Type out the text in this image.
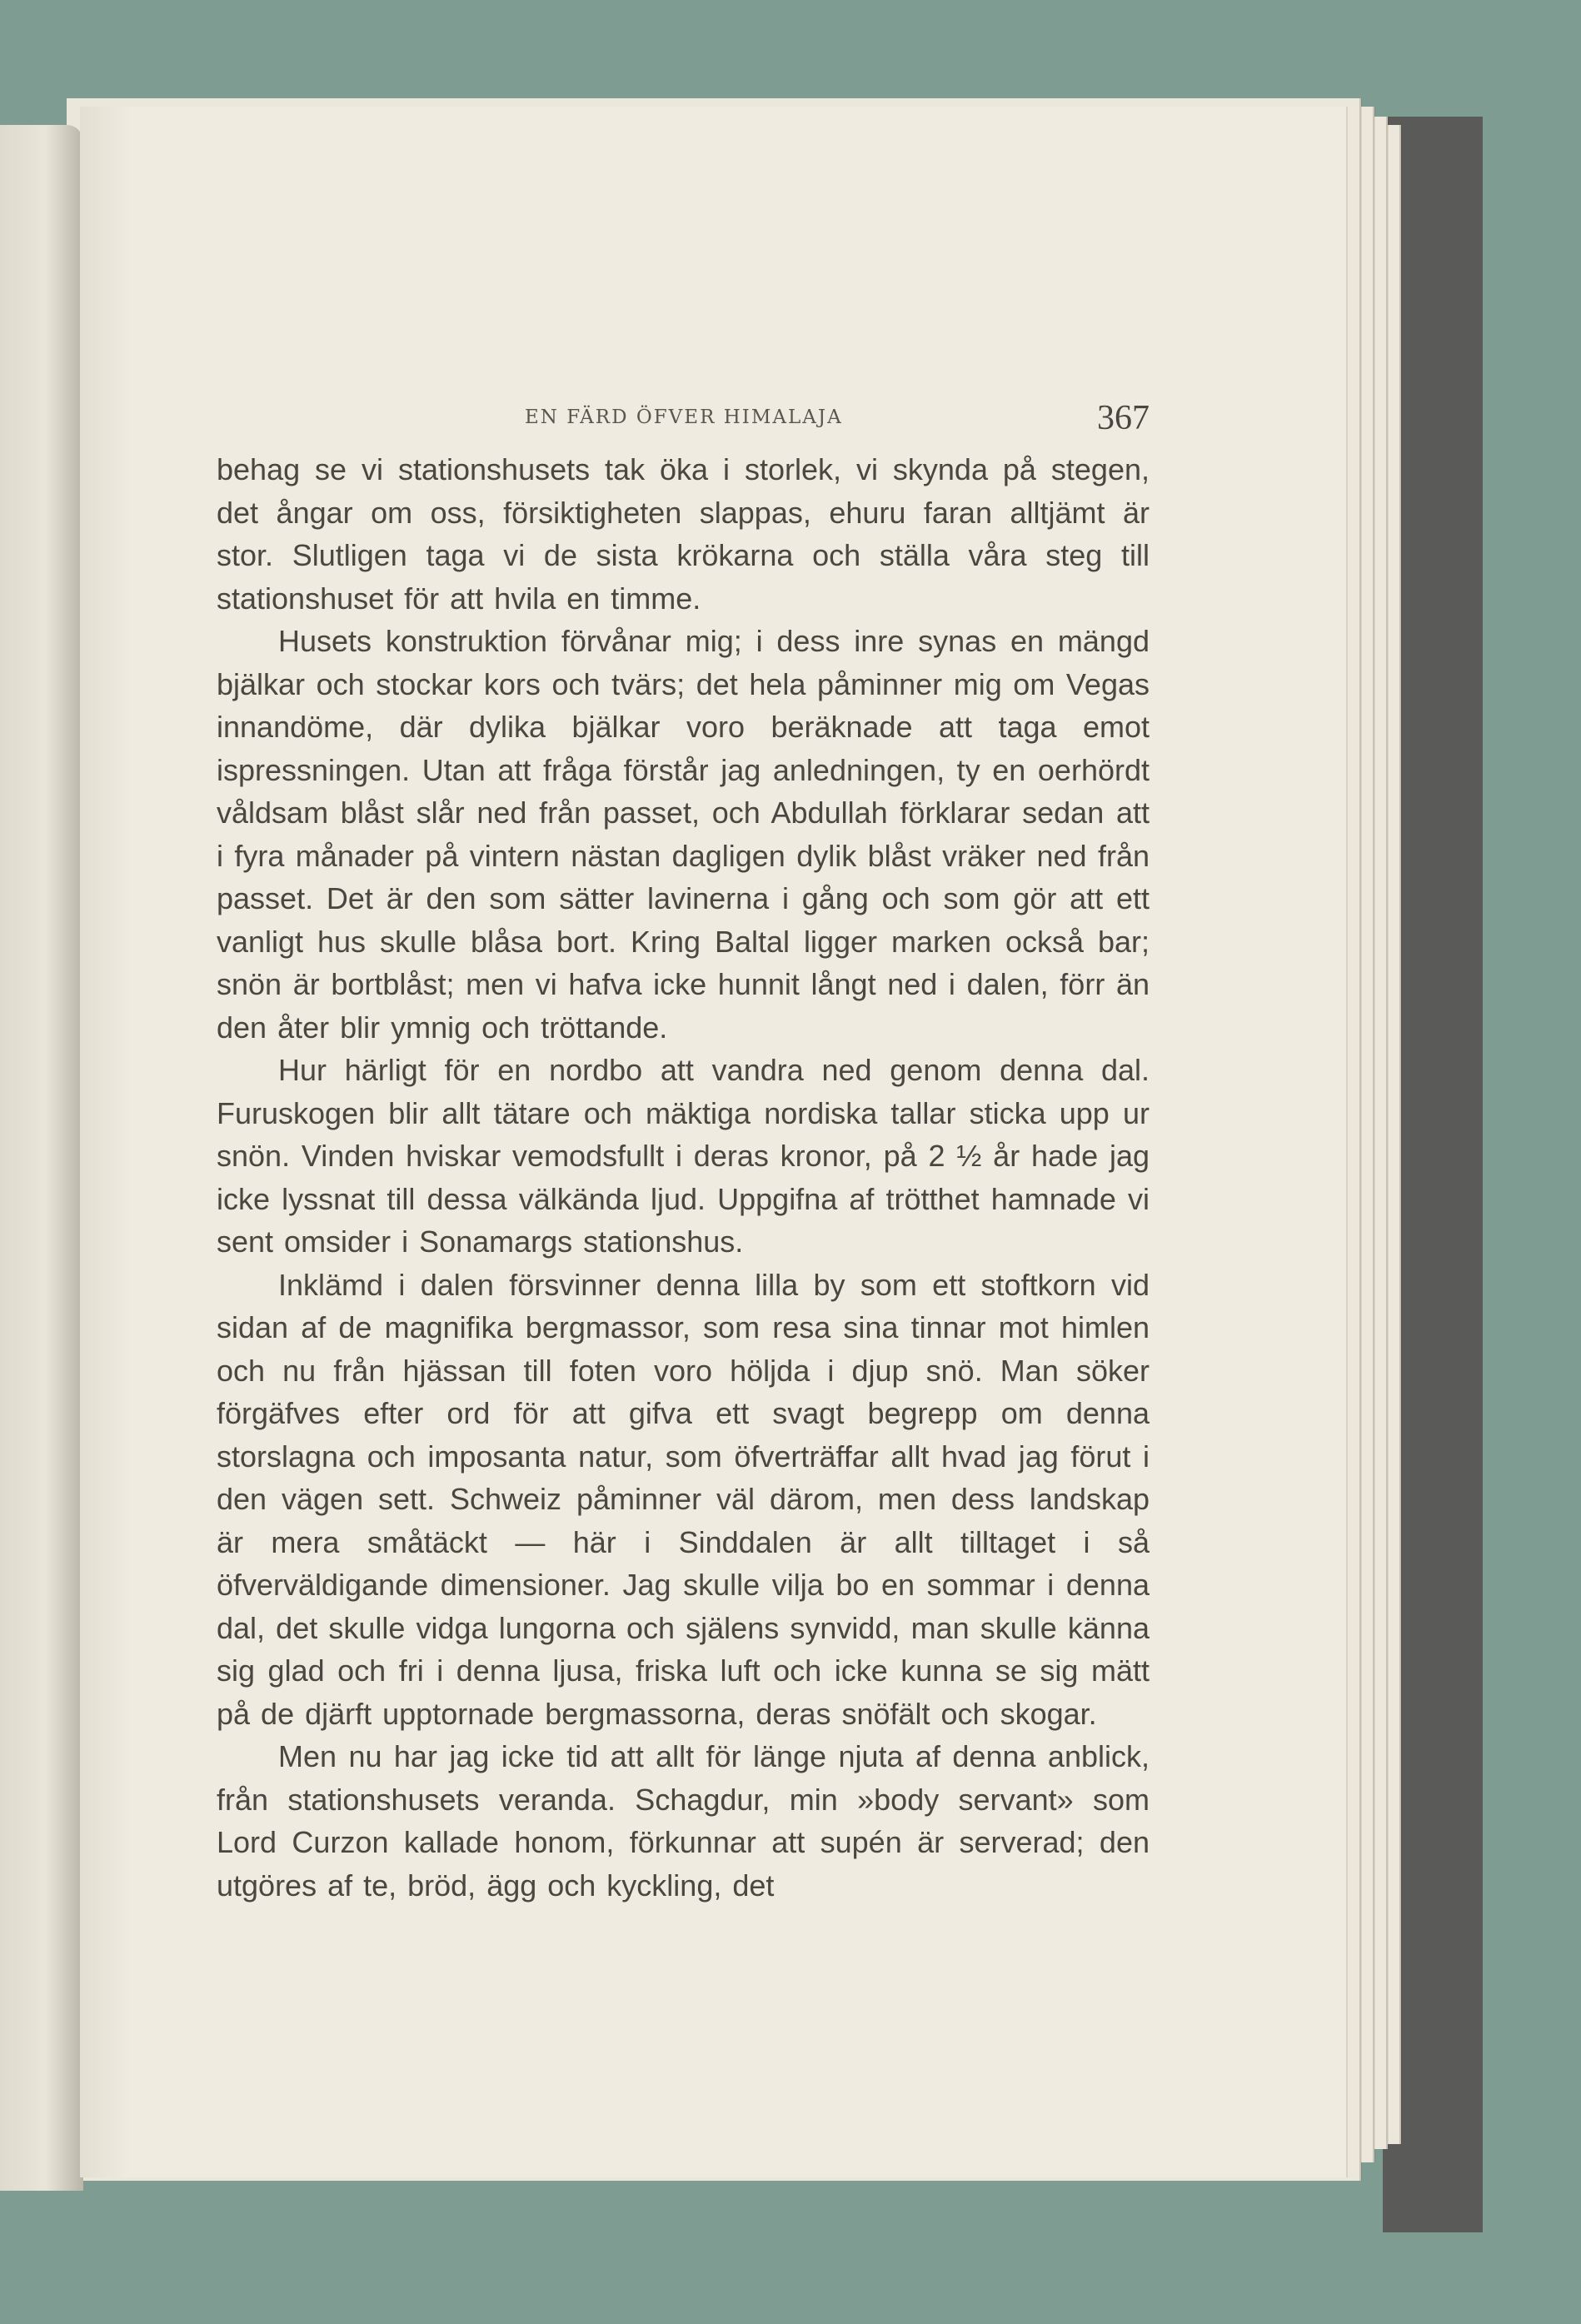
EN FÄRD ÖFVER HIMALAJA	367

behag se vi stationshusets tak öka i storlek, vi skynda på stegen, det ångar om oss, försiktigheten slappas, ehuru faran alltjämt är stor. Slutligen taga vi de sista krökarna och ställa våra steg till stationshuset för att hvila en timme.

Husets konstruktion förvånar mig; i dess inre synas en mängd bjälkar och stockar kors och tvärs; det hela påminner mig om Vegas innandöme, där dylika bjälkar voro beräknade att taga emot ispressningen. Utan att fråga förstår jag anledningen, ty en oerhördt våldsam blåst slår ned från passet, och Abdullah förklarar sedan att i fyra månader på vintern nästan dagligen dylik blåst vräker ned från passet. Det är den som sätter lavinerna i gång och som gör att ett vanligt hus skulle blåsa bort. Kring Baltal ligger marken också bar; snön är bortblåst; men vi hafva icke hunnit långt ned i dalen, förr än den åter blir ymnig och tröttande.

Hur härligt för en nordbo att vandra ned genom denna dal. Furuskogen blir allt tätare och mäktiga nordiska tallar sticka upp ur snön. Vinden hviskar vemodsfullt i deras kronor, på 2 ½ år hade jag icke lyssnat till dessa välkända ljud. Uppgifna af trötthet hamnade vi sent omsider i Sonamargs stationshus.

Inklämd i dalen försvinner denna lilla by som ett stoftkorn vid sidan af de magnifika bergmassor, som resa sina tinnar mot himlen och nu från hjässan till foten voro höljda i djup snö. Man söker förgäfves efter ord för att gifva ett svagt begrepp om denna storslagna och imposanta natur, som öfverträffar allt hvad jag förut i den vägen sett. Schweiz påminner väl därom, men dess landskap är mera småtäckt — här i Sinddalen är allt tilltaget i så öfverväldigande dimensioner. Jag skulle vilja bo en sommar i denna dal, det skulle vidga lungorna och själens synvidd, man skulle känna sig glad och fri i denna ljusa, friska luft och icke kunna se sig mätt på de djärft upptornade bergmassorna, deras snöfält och skogar.

Men nu har jag icke tid att allt för länge njuta af denna anblick, från stationshusets veranda. Schagdur, min »body servant» som Lord Curzon kallade honom, förkunnar att supén är serverad; den utgöres af te, bröd, ägg och kyckling, det
